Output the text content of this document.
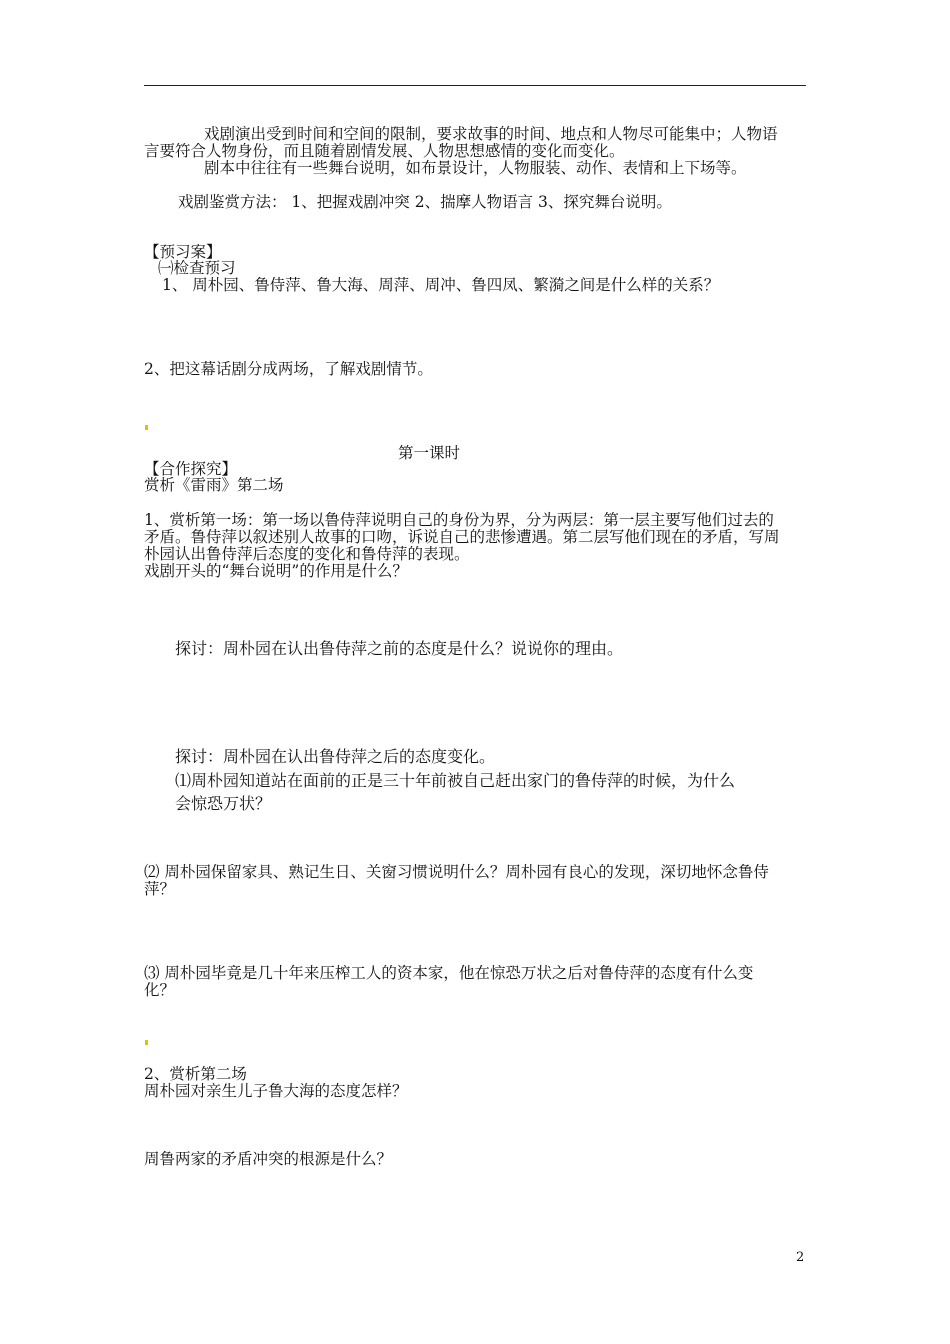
戏剧演出受到时间和空间的限制，要求故事的时间、地点和人物尽可能集中；人物语
言要符合人物身份，而且随着剧情发展、人物思想感情的变化而变化。
剧本中往往有一些舞台说明，如布景设计，人物服装、动作、表情和上下场等。
戏剧鉴赏方法： 1、把握戏剧冲突 2、揣摩人物语言 3、探究舞台说明。
【预习案】
㈠检查预习
1、 周朴园、鲁侍萍、鲁大海、周萍、周冲、鲁四凤、繁漪之间是什么样的关系？
2、把这幕话剧分成两场，了解戏剧情节。
第一课时
【合作探究】
赏析《雷雨》第二场
1、赏析第一场：第一场以鲁侍萍说明自己的身份为界，分为两层：第一层主要写他们过去的
矛盾。鲁侍萍以叙述别人故事的口吻，诉说自己的悲惨遭遇。第二层写他们现在的矛盾，写周
朴园认出鲁侍萍后态度的变化和鲁侍萍的表现。
戏剧开头的“舞台说明”的作用是什么？
探讨：周朴园在认出鲁侍萍之前的态度是什么？说说你的理由。
探讨：周朴园在认出鲁侍萍之后的态度变化。
⑴周朴园知道站在面前的正是三十年前被自己赶出家门的鲁侍萍的时候，为什么
会惊恐万状？
⑵ 周朴园保留家具、熟记生日、关窗习惯说明什么？周朴园有良心的发现，深切地怀念鲁侍
萍？
⑶ 周朴园毕竟是几十年来压榨工人的资本家，他在惊恐万状之后对鲁侍萍的态度有什么变
化？
2、赏析第二场
周朴园对亲生儿子鲁大海的态度怎样？
周鲁两家的矛盾冲突的根源是什么？
2
